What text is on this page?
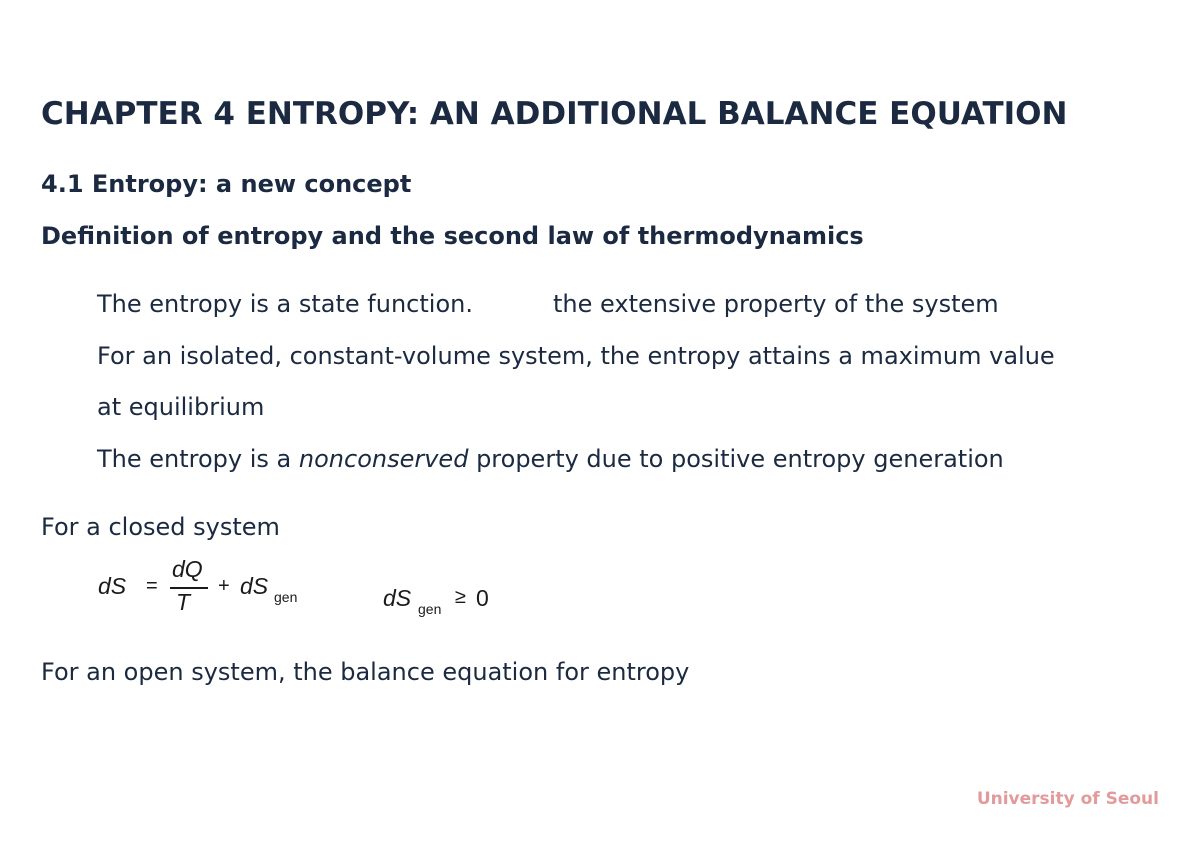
CHAPTER 4 ENTROPY: AN ADDITIONAL BALANCE EQUATION
4.1 Entropy: a new concept
Definition of entropy and the second law of thermodynamics
The entropy is a state function.	the extensive property of the system
For an isolated, constant-volume system, the entropy attains a maximum value
at equilibrium
The entropy is a nonconserved property due to positive entropy generation
For a closed system
dS =
dQ
T
+ dS gen	dS gen
≥ 0
For an open system, the balance equation for entropy
University of Seoul
